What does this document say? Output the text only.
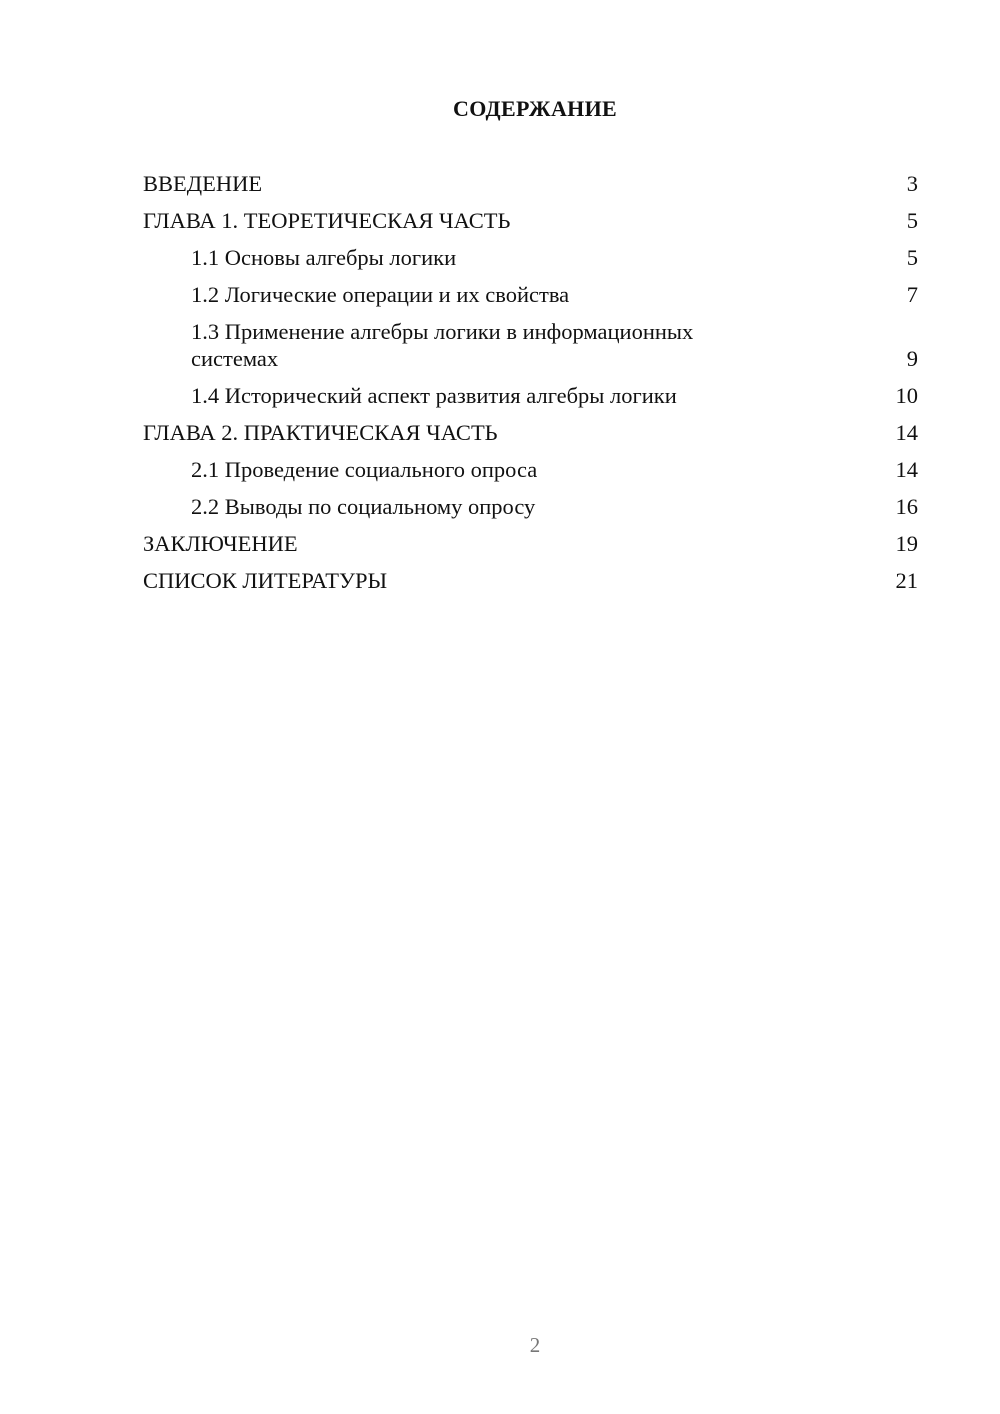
СОДЕРЖАНИЕ
ВВЕДЕНИЕ	3
ГЛАВА 1. ТЕОРЕТИЧЕСКАЯ ЧАСТЬ	5
1.1 Основы алгебры логики	5
1.2 Логические операции и их свойства	7
1.3 Применение алгебры логики в информационных системах	9
1.4 Исторический аспект развития алгебры логики	10
ГЛАВА 2. ПРАКТИЧЕСКАЯ ЧАСТЬ	14
2.1 Проведение социального опроса	14
2.2 Выводы по социальному опросу	16
ЗАКЛЮЧЕНИЕ	19
СПИСОК ЛИТЕРАТУРЫ	21
2
